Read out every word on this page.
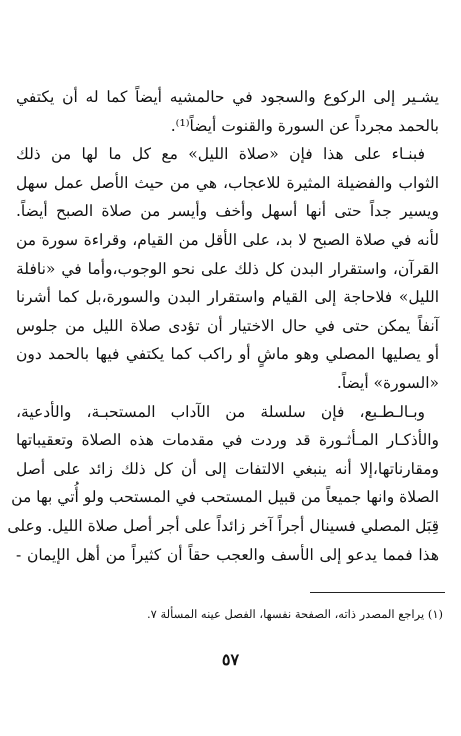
يشـير إلى الركوع والسجود في حالمشيه أيضاً كما له أن يكتفي
بالحمد مجرداً عن السورة والقنوت أيضاً⁽¹⁾.
فبنـاء على هذا فإن «صلاة الليل» مع كل ما لها من ذلك
الثواب والفضيلة المثيرة للاعجاب، هي من حيث الأصل عمل سهل
ويسير جداً حتى أنها أسهل وأخف وأيسر من صلاة الصبح أيضاً.
لأنه في صلاة الصبح لا بد، على الأقل من القيام، وقراءة سورة من
القرآن، واستقرار البدن كل ذلك على نحو الوجوب،وأما في «نافلة
الليل» فلاحاجة إلى القيام واستقرار البدن والسورة،بل كما أشرنا
آنفاً يمكن حتى في حال الاختيار أن تؤدى صلاة الليل من جلوس
أو يصليها المصلي وهو ماشٍ أو راكب كما يكتفي فيها بالحمد دون
«السورة» أيضاً.
وبـالـطـبع، فإن سلسلة من الآداب المستحبـة، والأدعية،
والأذكـار المـأثـورة قد وردت في مقدمات هذه الصلاة وتعقيباتها
ومقارناتها،إلا أنه ينبغي الالتفات إلى أن كل ذلك زائد على أصل
الصلاة وانها جميعاً من قبيل المستحب في المستحب ولو أُتي بها من
قِبَل المصلي فسينال أجراً آخر زائداً على أجر أصل صلاة الليل. وعلى
هذا فمما يدعو إلى الأسف والعجب حقاً أن كثيراً من أهل الإيمان -
(١) يراجع المصدر ذاته، الصفحة نفسها، الفصل عينه المسألة ٧.
٥٧
